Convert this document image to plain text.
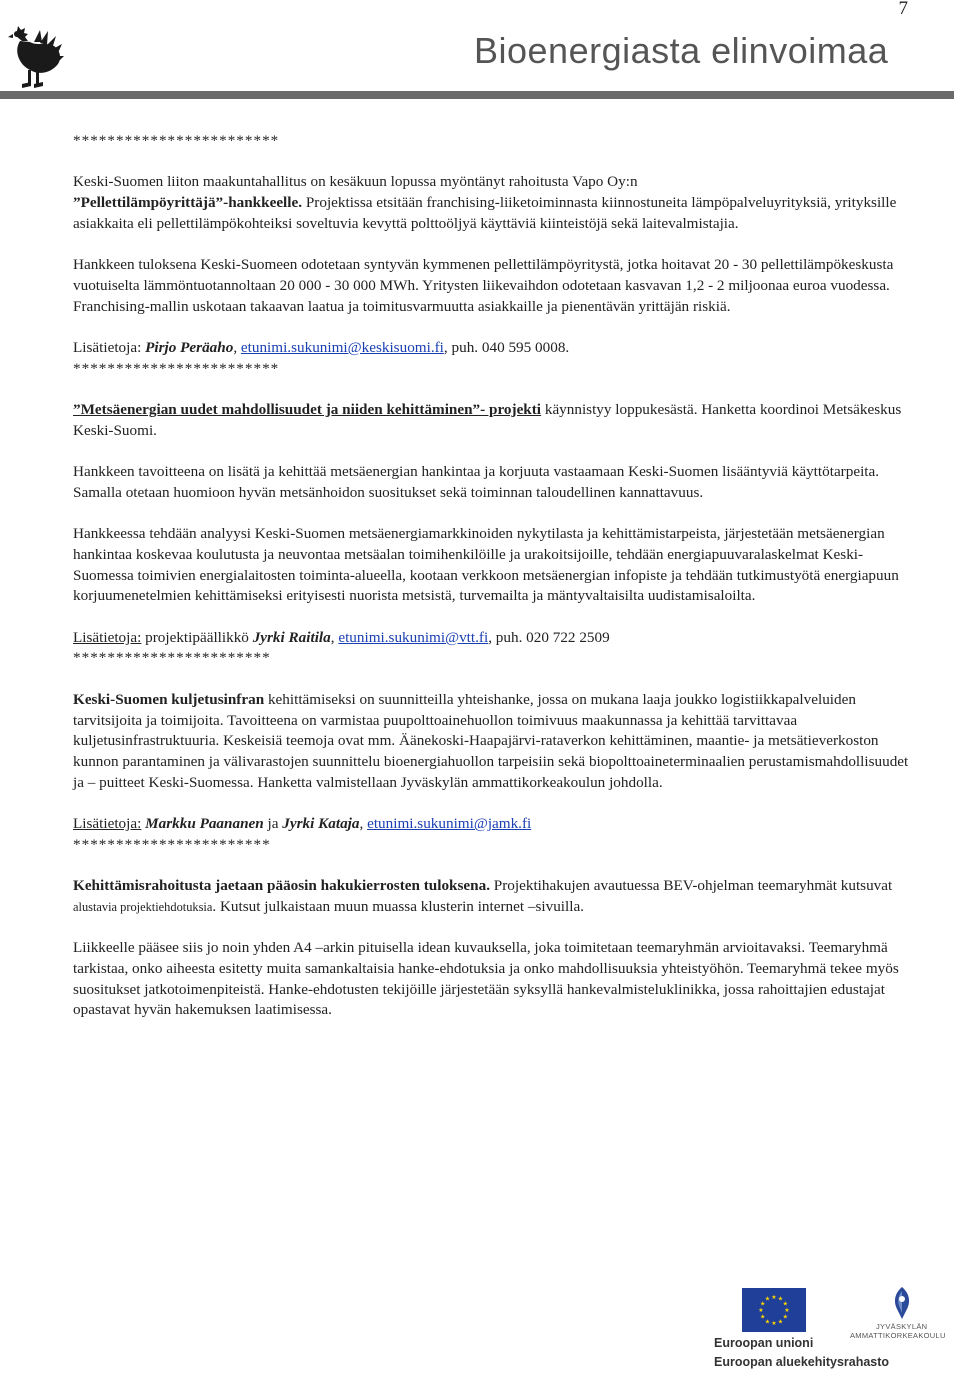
7
Bioenergiasta elinvoimaa

************************

Keski-Suomen liiton maakuntahallitus on kesäkuun lopussa myöntänyt rahoitusta Vapo Oy:n
”Pellettilämpöyrittäjä”-hankkeelle. Projektissa etsitään franchising-liiketoiminnasta kiinnostuneita lämpöpalveluyrityksiä, yrityksille asiakkaita eli pellettilämpökohteiksi soveltuvia kevyttä polttoöljyä käyttäviä kiinteistöjä sekä laitevalmistajia.

Hankkeen tuloksena Keski-Suomeen odotetaan syntyvän kymmenen pellettilämpöyritystä, jotka hoitavat 20 - 30 pellettilämpökeskusta vuotuiselta lämmöntuotannoltaan 20 000 - 30 000 MWh. Yritysten liikevaihdon odotetaan kasvavan 1,2 - 2 miljoonaa euroa vuodessa. Franchising-mallin uskotaan takaavan laatua ja toimitusvarmuutta asiakkaille ja pienentävän yrittäjän riskiä.

Lisätietoja: Pirjo Peräaho, etunimi.sukunimi@keskisuomi.fi, puh. 040 595 0008.

************************

”Metsäenergian uudet mahdollisuudet ja niiden kehittäminen”- projekti käynnistyy loppukesästä. Hanketta koordinoi Metsäkeskus Keski-Suomi.

Hankkeen tavoitteena on lisätä ja kehittää metsäenergian hankintaa ja korjuuta vastaamaan Keski-Suomen lisääntyviä käyttötarpeita. Samalla otetaan huomioon hyvän metsänhoidon suositukset sekä toiminnan taloudellinen kannattavuus.

Hankkeessa tehdään analyysi Keski-Suomen metsäenergiamarkkinoiden nykytilasta ja kehittämistarpeista, järjestetään metsäenergian hankintaa koskevaa koulutusta ja neuvontaa metsäalan toimihenkilöille ja urakoitsijoille, tehdään energiapuuvaralaskelmat Keski-Suomessa toimivien energialaitosten toiminta-alueella, kootaan verkkoon metsäenergian infopiste ja tehdään tutkimustyötä energiapuun korjuumenetelmien kehittämiseksi erityisesti nuorista metsistä, turvemailta ja mäntyvaltaisilta uudistamisaloilta.

Lisätietoja: projektipäällikkö Jyrki Raitila, etunimi.sukunimi@vtt.fi, puh. 020 722 2509

***********************

Keski-Suomen kuljetusinfran kehittämiseksi on suunnitteilla yhteishanke, jossa on mukana laaja joukko logistiikkapalveluiden tarvitsijoita ja toimijoita. Tavoitteena on varmistaa puupolttoainehuollon toimivuus maakunnassa ja kehittää tarvittavaa kuljetusinfrastruktuuria. Keskeisiä teemoja ovat mm. Äänekoski-Haapajärvi-rataverkon kehittäminen, maantie- ja metsätieverkoston kunnon parantaminen ja välivarastojen suunnittelu bioenergiahuollon tarpeisiin sekä biopolttoaineterminaalien perustamismahdollisuudet ja – puitteet Keski-Suomessa. Hanketta valmistellaan Jyväskylän ammattikorkeakoulun johdolla.

Lisätietoja: Markku Paananen ja Jyrki Kataja, etunimi.sukunimi@jamk.fi

***********************

Kehittämisrahoitusta jaetaan pääosin hakukierrosten tuloksena. Projektihakujen avautuessa BEV-ohjelman teemaryhmät kutsuvat alustavia projektiehdotuksia. Kutsut julkaistaan muun muassa klusterin internet –sivuilla.

Liikkeelle pääsee siis jo noin yhden A4 –arkin pituisella idean kuvauksella, joka toimitetaan teemaryhmän arvioitavaksi. Teemaryhmä tarkistaa, onko aiheesta esitetty muita samankaltaisia hanke-ehdotuksia ja onko mahdollisuuksia yhteistyöhön. Teemaryhmä tekee myös suositukset jatkotoimenpiteistä. Hanke-ehdotusten tekijöille järjestetään syksyllä hankevalmisteluklinikka, jossa rahoittajien edustajat opastavat hyvän hakemuksen laatimisessa.

★
★
★
★
★
★
★
★
★ ★ ★
★
Euroopan unioni
Euroopan aluekehitysrahasto
JYVÄSKYLÄN
AMMATTIKORKEAKOULU
